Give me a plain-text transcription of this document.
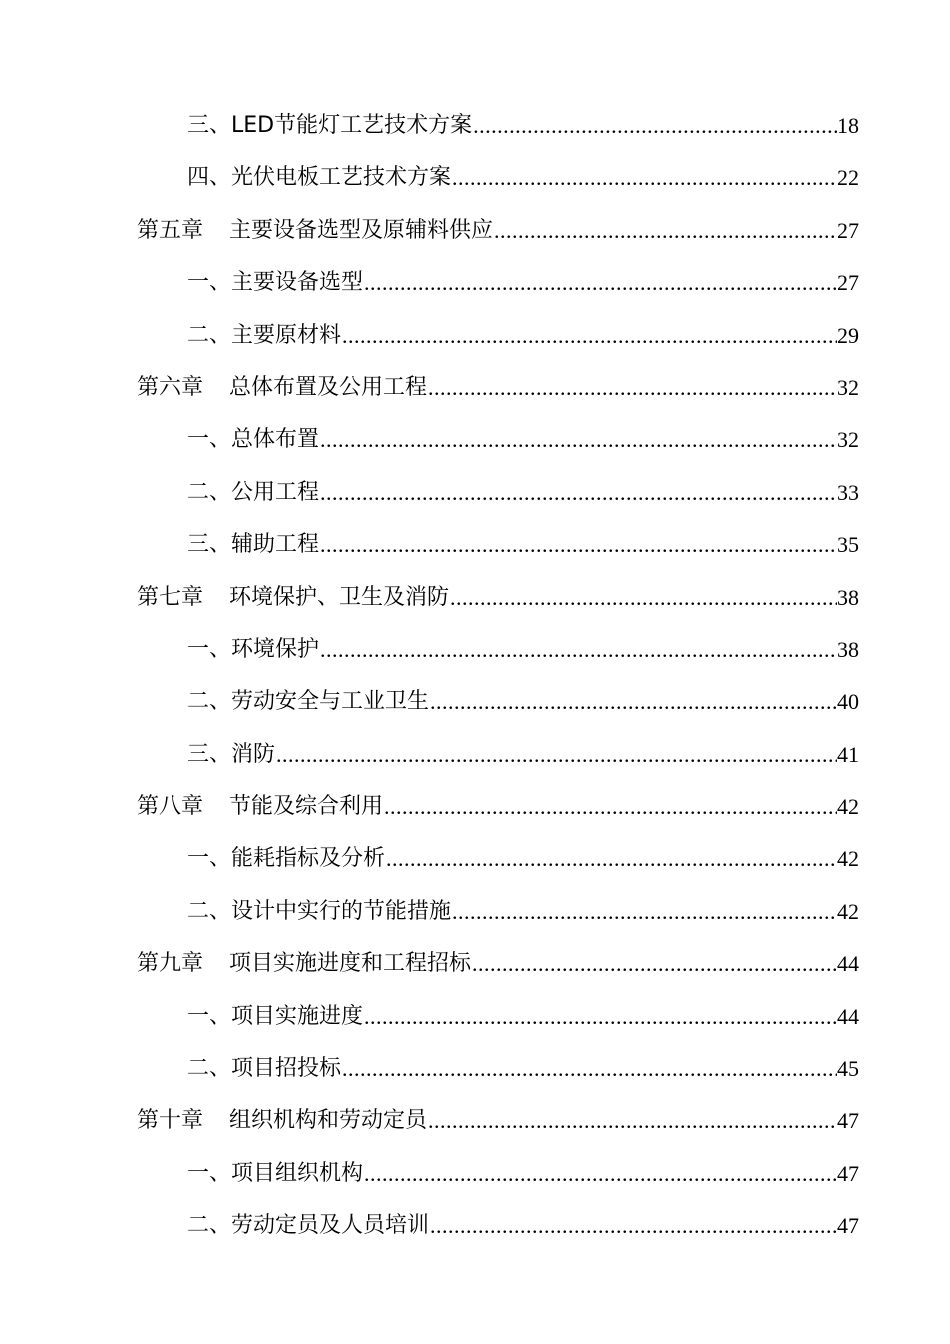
三、 LED节能灯工艺技术方案 .....	18
四、 光伏电板工艺技术方案 .....	22
第五章 主要设备选型及原辅料供应 .....	27
一、 主要设备选型 .....	27
二、 主要原材料 .....	29
第六章 总体布置及公用工程 .....	32
一、 总体布置 .....	32
二、 公用工程 .....	33
三、 辅助工程 .....	35
第七章 环境保护、卫生及消防 .....	38
一、 环境保护 .....	38
二、 劳动安全与工业卫生 .....	40
三、 消防 .....	41
第八章 节能及综合利用 .....	42
一、 能耗指标及分析 .....	42
二、 设计中实行的节能措施 .....	42
第九章 项目实施进度和工程招标 .....	44
一、 项目实施进度 .....	44
二、 项目招投标 .....	45
第十章 组织机构和劳动定员 .....	47
一、 项目组织机构 .....	47
二、 劳动定员及人员培训 .....	47
